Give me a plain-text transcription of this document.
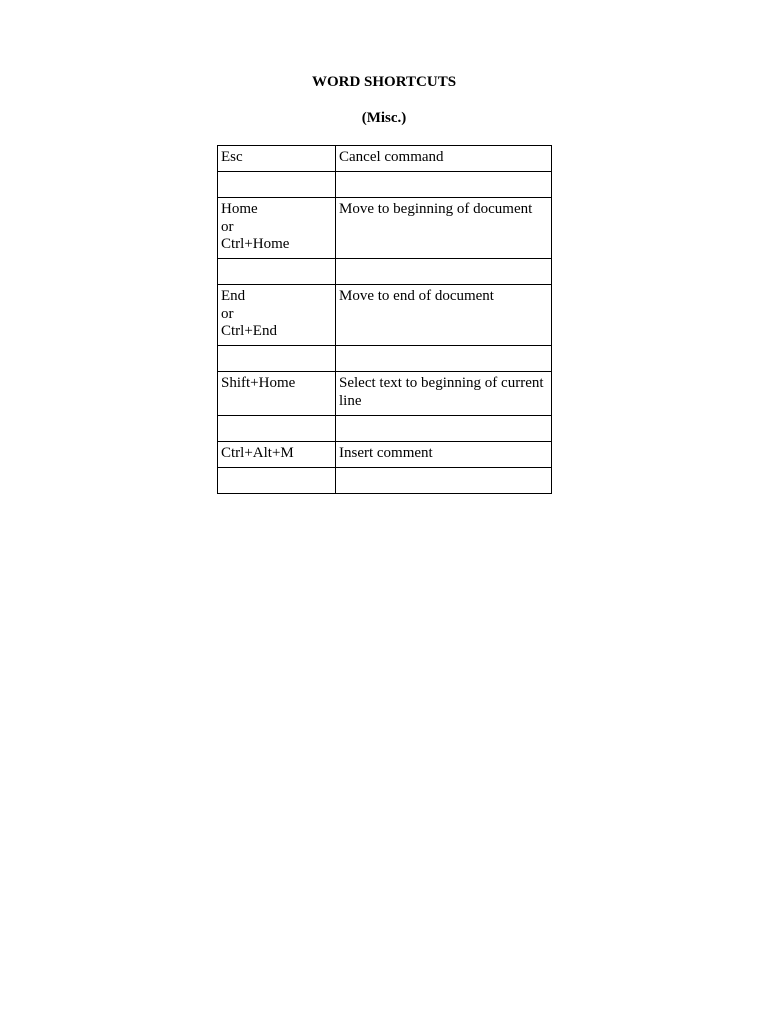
WORD SHORTCUTS
(Misc.)
Esc	Cancel command

Home
or
Ctrl+Home	Move to beginning of document

End
or
Ctrl+End	Move to end of document

Shift+Home	Select text to beginning of current line

Ctrl+Alt+M	Insert comment
